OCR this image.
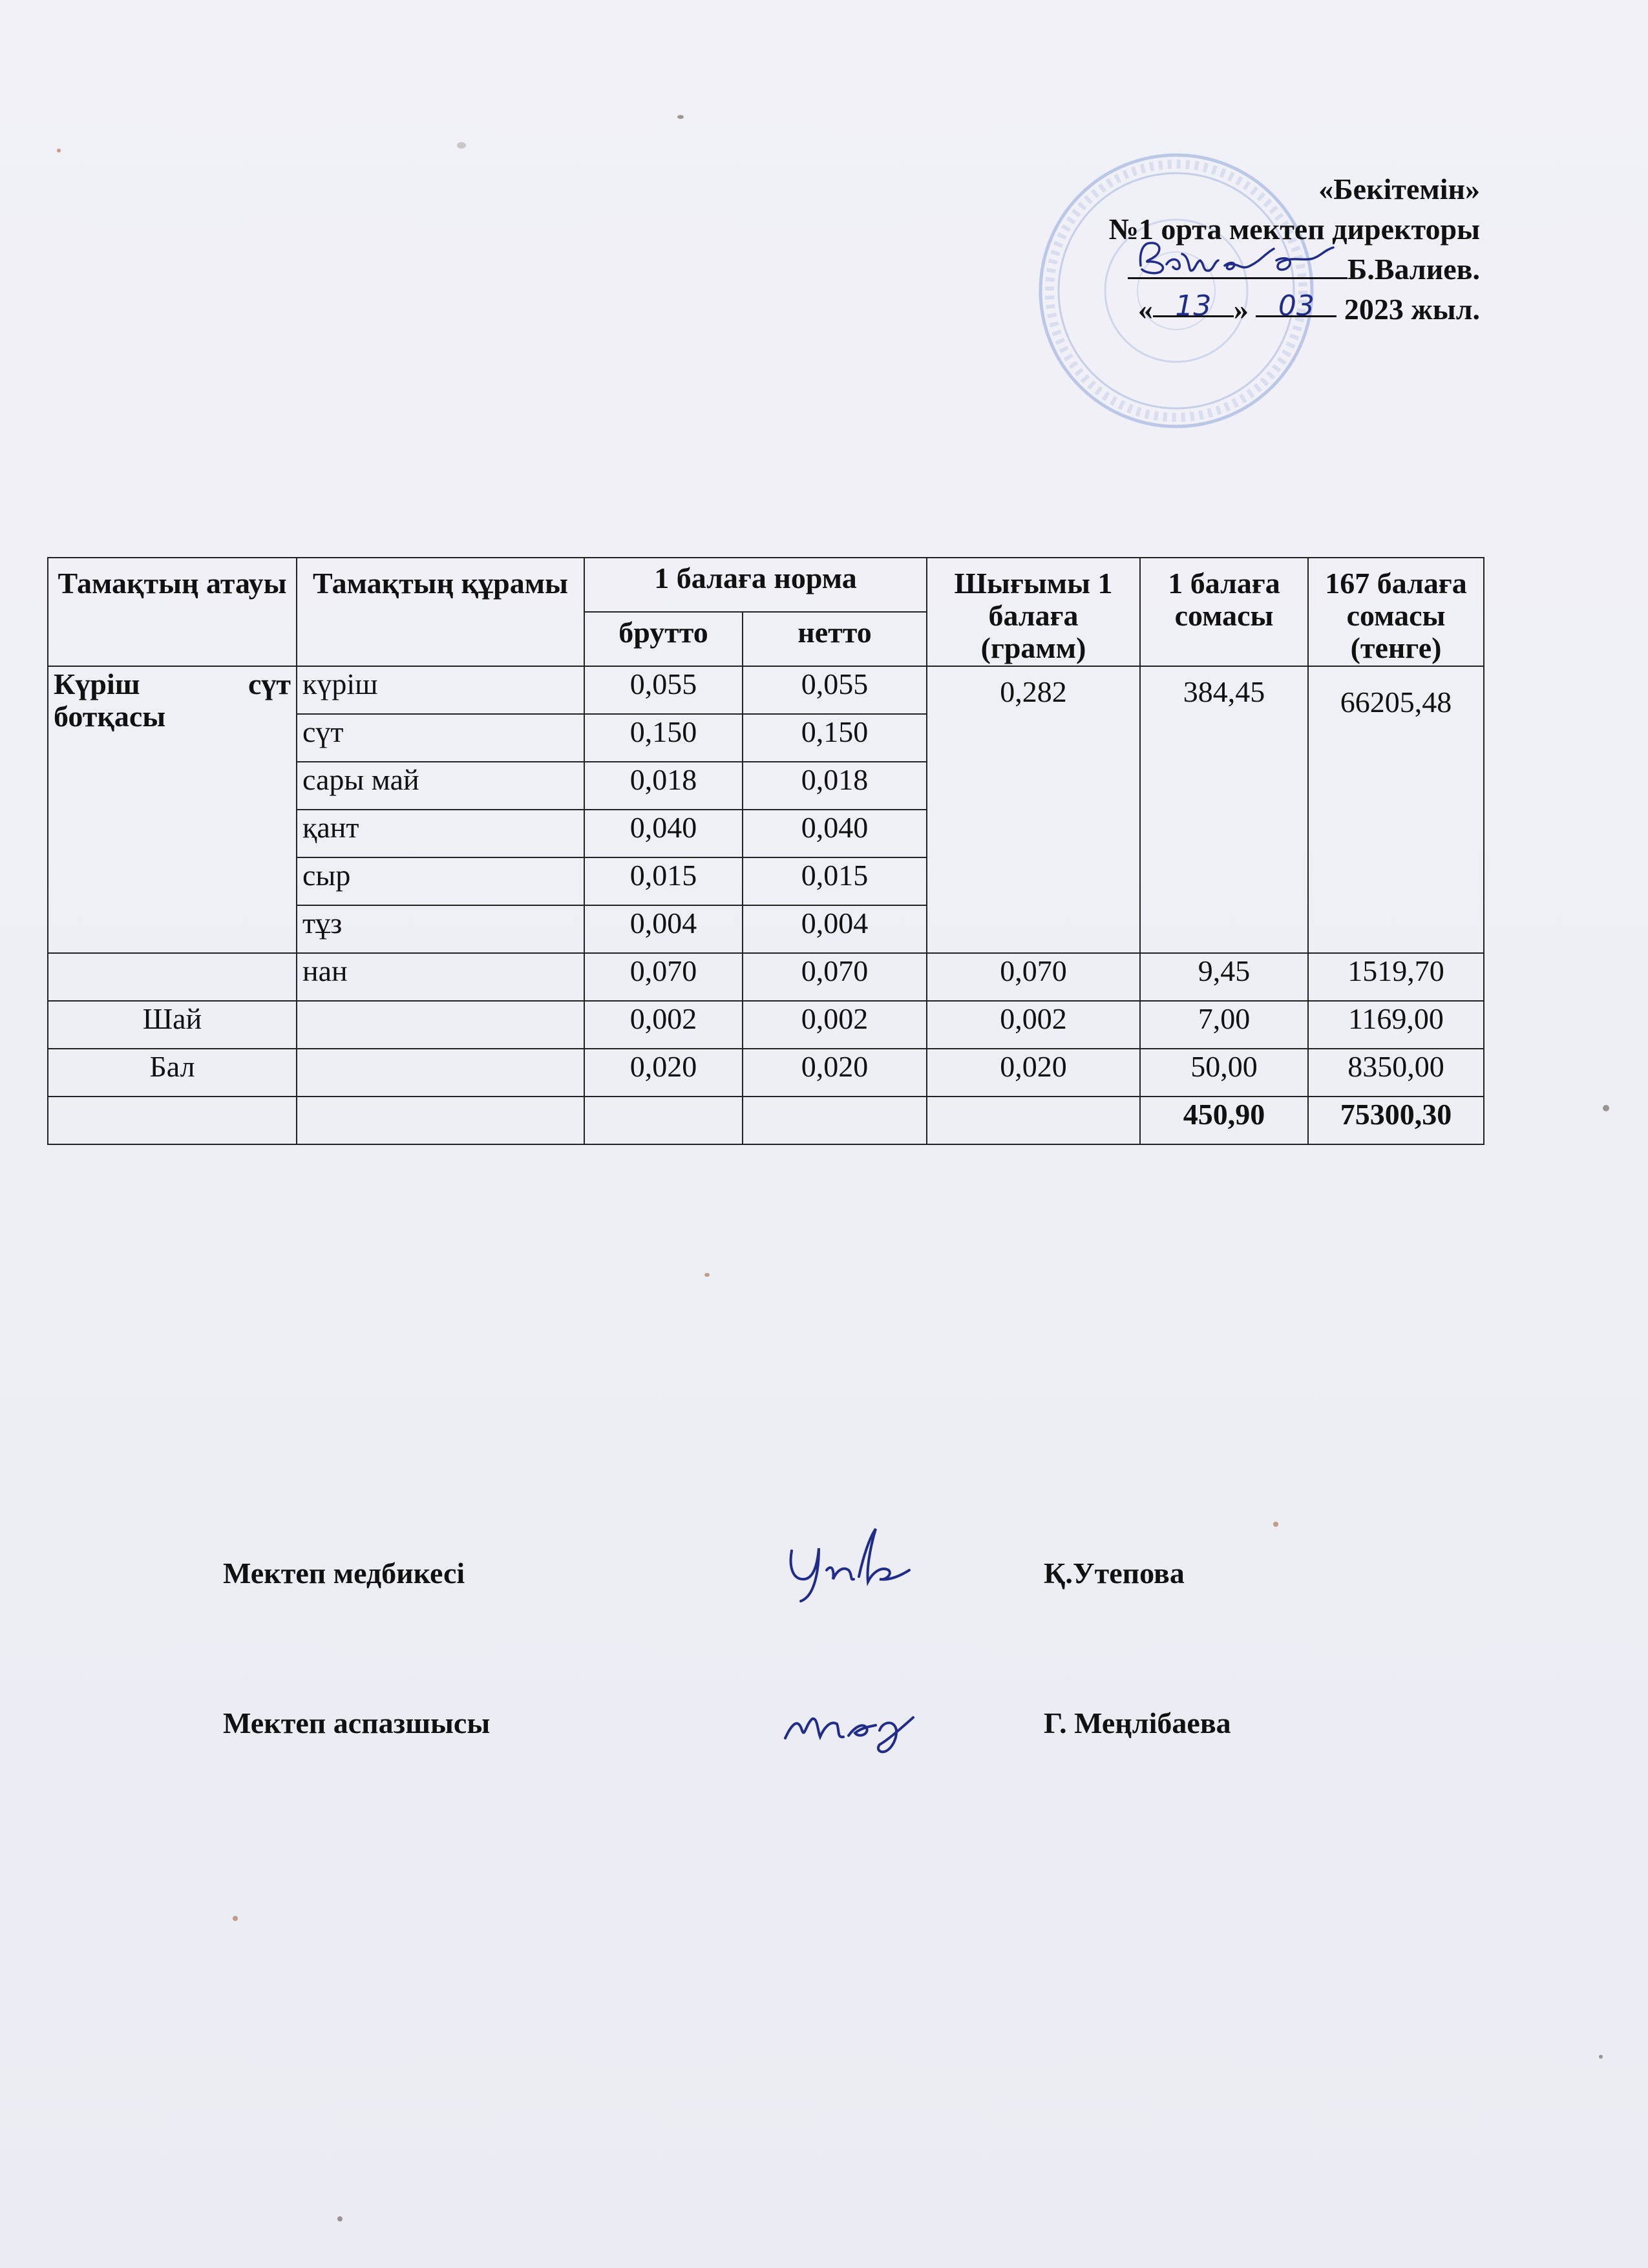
«Бекітемін»
№1 орта мектеп директоры
Б.Валиев.
« 13 » 03 2023 жыл.
Тамақтың атауы	Тамақтың құрамы	1 балаға норма		Шығымы 1 балаға (грамм)	1 балаға сомасы	167 балаға сомасы (тенге)
		брутто	нетто			
Күріш сүт ботқасы	күріш	0,055	0,055	0,282	384,45	66205,48
	сүт	0,150	0,150			
	сары май	0,018	0,018			
	қант	0,040	0,040			
	сыр	0,015	0,015			
	тұз	0,004	0,004			
	нан	0,070	0,070	0,070	9,45	1519,70
Шай		0,002	0,002	0,002	7,00	1169,00
Бал		0,020	0,020	0,020	50,00	8350,00
					450,90	75300,30
Мектеп медбикесі	Қ.Утепова
Мектеп аспазшысы	Г. Меңлібаева
